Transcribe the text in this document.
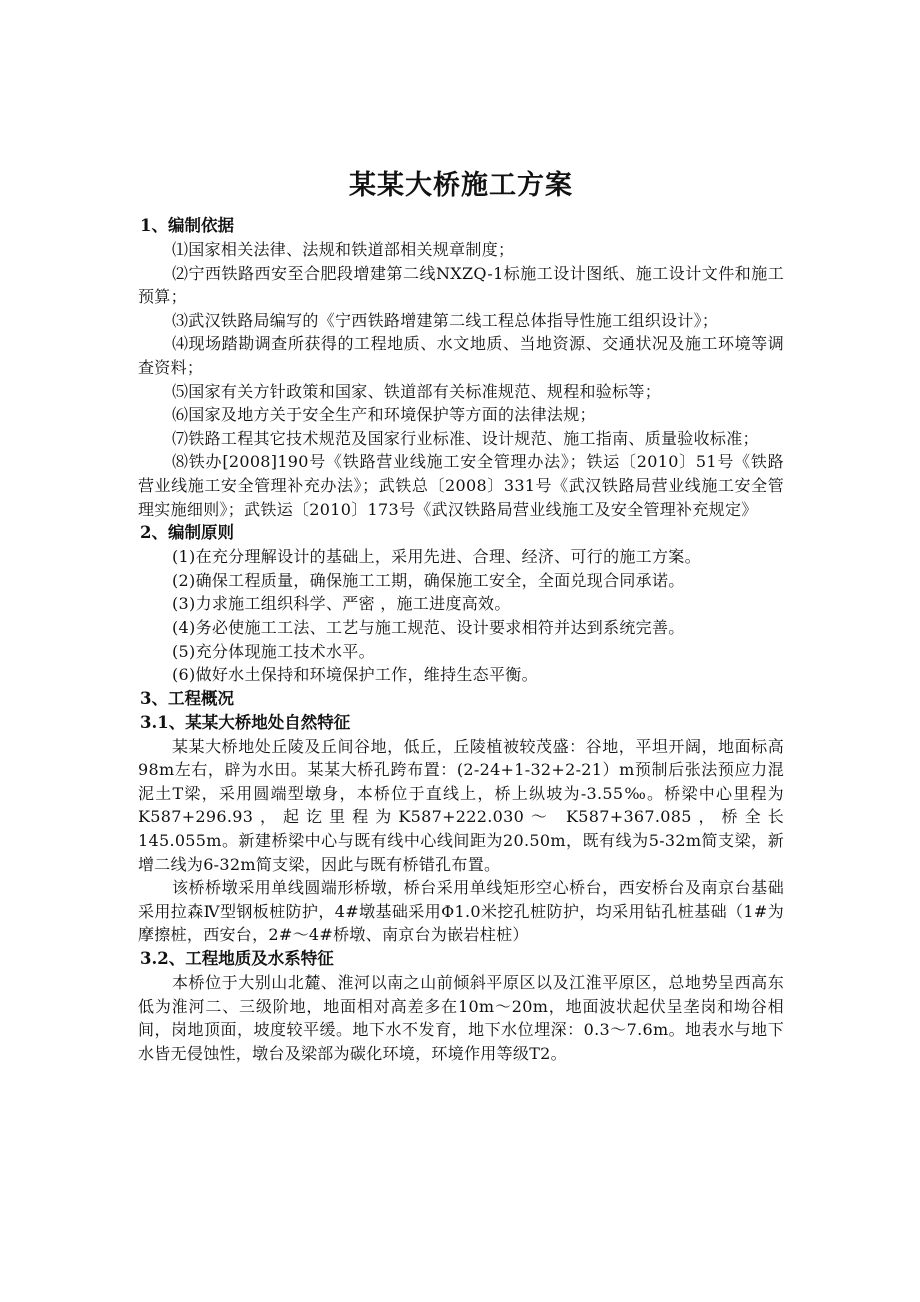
某某大桥施工方案
1、编制依据

⑴国家相关法律、法规和铁道部相关规章制度；

⑵宁西铁路西安至合肥段增建第二线NXZQ-1标施工设计图纸、施工设计文件和施工预算；

⑶武汉铁路局编写的《宁西铁路增建第二线工程总体指导性施工组织设计》；

⑷现场踏勘调查所获得的工程地质、水文地质、当地资源、交通状况及施工环境等调查资料；

⑸国家有关方针政策和国家、铁道部有关标准规范、规程和验标等；

⑹国家及地方关于安全生产和环境保护等方面的法律法规；

⑺铁路工程其它技术规范及国家行业标准、设计规范、施工指南、质量验收标准；

⑻铁办[2008]190号《铁路营业线施工安全管理办法》；铁运〔2010〕51号《铁路营业线施工安全管理补充办法》；武铁总〔2008〕331号《武汉铁路局营业线施工安全管理实施细则》；武铁运〔2010〕173号《武汉铁路局营业线施工及安全管理补充规定》

2、编制原则

(1)在充分理解设计的基础上，采用先进、合理、经济、可行的施工方案。

(2)确保工程质量，确保施工工期，确保施工安全，全面兑现合同承诺。

(3)力求施工组织科学、严密 ，施工进度高效。

(4)务必使施工工法、工艺与施工规范、设计要求相符并达到系统完善。

(5)充分体现施工技术水平。

(6)做好水土保持和环境保护工作，维持生态平衡。

3、工程概况
3.1、某某大桥地处自然特征

某某大桥地处丘陵及丘间谷地，低丘，丘陵植被较茂盛：谷地，平坦开阔，地面标高98m左右，辟为水田。某某大桥孔跨布置：(2-24+1-32+2-21）m预制后张法预应力混泥土T梁，采用圆端型墩身，本桥位于直线上，桥上纵坡为-3.55‰。桥梁中心里程为K587+296.93，起讫里程为K587+222.030～ K587+367.085，桥全长145.055m。新建桥梁中心与既有线中心线间距为20.50m，既有线为5-32m简支梁，新增二线为6-32m简支梁，因此与既有桥错孔布置。

该桥桥墩采用单线圆端形桥墩，桥台采用单线矩形空心桥台，西安桥台及南京台基础采用拉森Ⅳ型钢板桩防护，4#墩基础采用Φ1.0米挖孔桩防护，均采用钻孔桩基础（1#为摩擦桩，西安台，2#～4#桥墩、南京台为嵌岩柱桩）

3.2、工程地质及水系特征

本桥位于大别山北麓、淮河以南之山前倾斜平原区以及江淮平原区，总地势呈西高东低为淮河二、三级阶地，地面相对高差多在10m～20m，地面波状起伏呈垄岗和坳谷相间，岗地顶面，坡度较平缓。地下水不发育，地下水位埋深：0.3～7.6m。地表水与地下水皆无侵蚀性，墩台及梁部为碳化环境，环境作用等级T2。
